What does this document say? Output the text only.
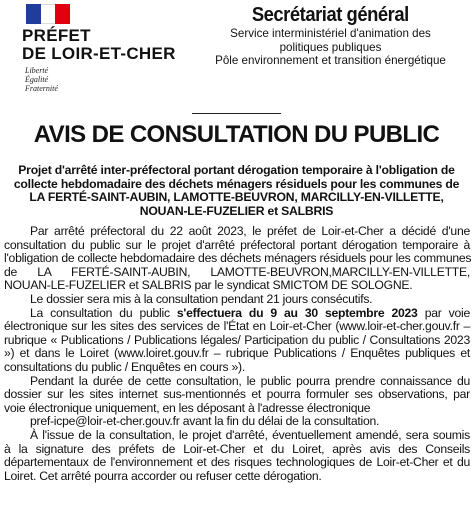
PRÉFET
DE LOIR-ET-CHER
Liberté
Égalité
Fraternité
Secrétariat général
Service interministériel d'animation des
politiques publiques
Pôle environnement et transition énergétique
AVIS DE CONSULTATION DU PUBLIC
Projet d'arrêté inter-préfectoral portant dérogation temporaire à l'obligation de
collecte hebdomadaire des déchets ménagers résiduels pour les communes de
LA FERTÉ-SAINT-AUBIN, LAMOTTE-BEUVRON, MARCILLY-EN-VILLETTE,
NOUAN-LE-FUZELIER et SALBRIS
Par arrêté préfectoral du 22 août 2023, le préfet de Loir-et-Cher a décidé d'une
consultation du public sur le projet d'arrêté préfectoral portant dérogation temporaire à
l'obligation de collecte hebdomadaire des déchets ménagers résiduels pour les communes
de LA FERTÉ-SAINT-AUBIN, LAMOTTE-BEUVRON,MARCILLY-EN-VILLETTE,
NOUAN-LE-FUZELIER et SALBRIS par le syndicat SMICTOM DE SOLOGNE.
Le dossier sera mis à la consultation pendant 21 jours consécutifs.
La consultation du public s'effectuera du 9 au 30 septembre 2023 par voie
électronique sur les sites des services de l'État en Loir-et-Cher (www.loir-et-cher.gouv.fr –
rubrique « Publications / Publications légales/ Participation du public / Consultations 2023
») et dans le Loiret (www.loiret.gouv.fr – rubrique Publications / Enquêtes publiques et
consultations du public / Enquêtes en cours »).
Pendant la durée de cette consultation, le public pourra prendre connaissance du
dossier sur les sites internet sus-mentionnés et pourra formuler ses observations, par
voie électronique uniquement, en les déposant à l'adresse électronique
pref-icpe@loir-et-cher.gouv.fr avant la fin du délai de la consultation.
À l'issue de la consultation, le projet d'arrêté, éventuellement amendé, sera soumis
à la signature des préfets de Loir-et-Cher et du Loiret, après avis des Conseils
départementaux de l'environnement et des risques technologiques de Loir-et-Cher et du
Loiret. Cet arrêté pourra accorder ou refuser cette dérogation.
